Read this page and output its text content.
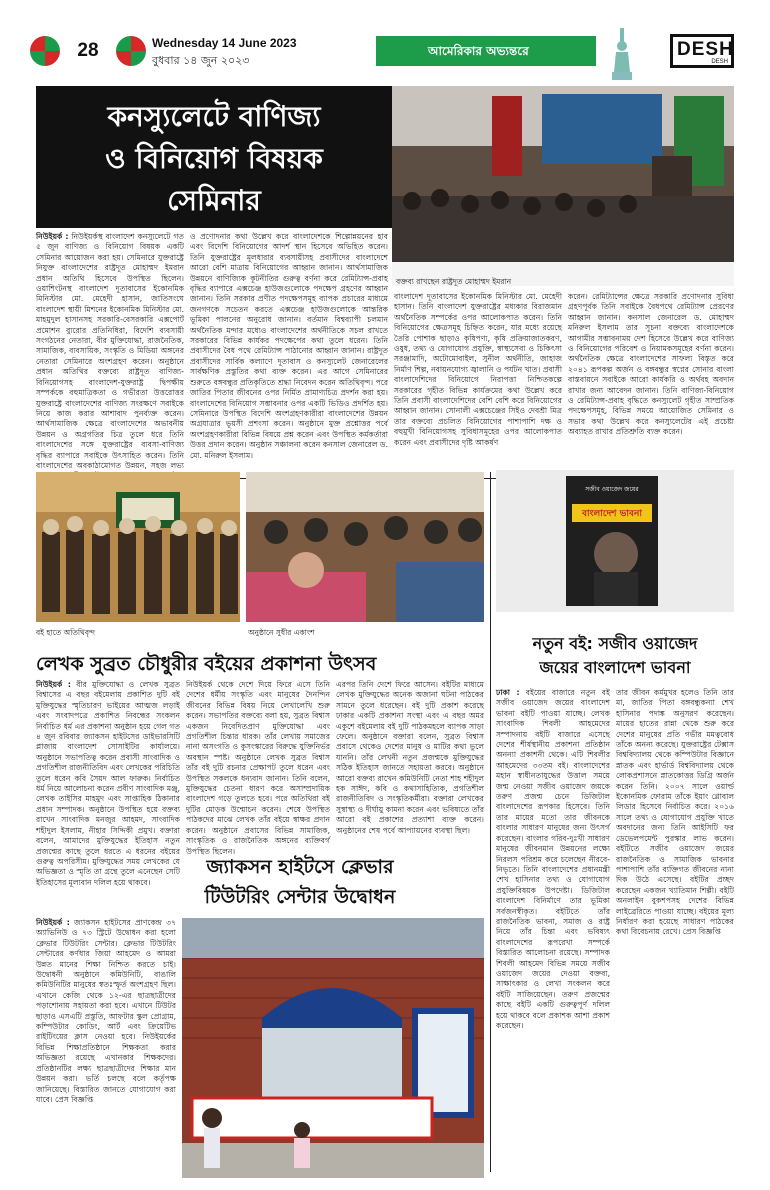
28	Wednesday 14 June 2023
বুধবার ১৪ জুন ২০২৩
আমেরিকার অভ্যন্তরে	DESH
DESH
কনস্যুলেটে বাণিজ্য
ও বিনিয়োগ বিষয়ক
সেমিনার
বক্তব্য রাখছেন রাষ্ট্রদূত মোহাম্মদ ইমরান
নিউইয়র্ক : নিউইয়র্কস্থ বাংলাদেশ কনস্যুলেটে গত ৫ জুন বাণিজ্য ও বিনিয়োগ বিষয়ক একটি সেমিনার আয়োজন করা হয়। সেমিনারে যুক্তরাষ্ট্রে নিযুক্ত বাংলাদেশের রাষ্ট্রদূত মোহাম্মদ ইমরান প্রধান অতিথি হিসেবে উপস্থিত ছিলেন। ওয়াশিংটনস্থ বাংলাদেশ দূতাবাসের ইকোনমিক মিনিস্টার মো. মেহেদী হাসান, জাতিসংঘে বাংলাদেশ স্থায়ী মিশনের ইকোনমিক মিনিস্টার মো. মাহমুদুল হাসানসহ সরকারি-বেসরকারি এক্সপোর্ট প্রমোশন ব্যুরোর প্রতিনিধিরা, বিদেশি ব্যবসায়ী সংগঠনের নেতারা, বীর মুক্তিযোদ্ধা, রাজনৈতিক, সামাজিক, ব্যবসায়িক, সংস্কৃতি ও মিডিয়া অঙ্গনের নেতারা সেমিনারে অংশগ্রহণ করেন। অনুষ্ঠানে প্রধান অতিথির বক্তব্যে রাষ্ট্রদূত বাণিজ্য-বিনিয়োগসহ বাংলাদেশ-যুক্তরাষ্ট্র দ্বিপক্ষীয় সম্পর্ককে বহুমাত্রিকতা ও গভীরতা উত্তরোত্তর যুক্তরাষ্ট্রে বাংলাদেশের বাণিজ্য সংরক্ষণে সবাইকে নিয়ে কাজ করার আশাবাদ পুনর্ব্যক্ত করেন। আর্থসামাজিক ক্ষেত্রে বাংলাদেশের অভাবনীয় উন্নয়ন ও অগ্রগতির চিত্র তুলে ধরে তিনি বাংলাদেশের সঙ্গে যুক্তরাষ্ট্রের ব্যবসা-বাণিজ্য বৃদ্ধির ব্যাপারে সবাইকে উৎসাহিত করেন। তিনি বাংলাদেশের অবকাঠামোগত উন্নয়ন, সহজ লভ্য
ও প্রণোদনার কথা উল্লেখ করে বাংলাদেশকে শিল্পোন্নয়নের হাব এবং বিদেশি বিনিয়োগের আদর্শ স্থান হিসেবে অভিহিত করেন। তিনি যুক্তরাষ্ট্রের মূলধারার ব্যবসায়ীসহ প্রবাসীদের বাংলাদেশে আরো বেশি মাত্রায় বিনিয়োগের আহ্বান জানান। আর্থসামাজিক উন্নয়নে বাণিজ্যিক কূটনীতির গুরুত্ব বর্ণনা করে রেমিট্যান্স-প্রবাহ বৃদ্ধির ব্যাপারে এক্সচেঞ্জ হাউজগুলোকে পদক্ষেপ গ্রহণের আহ্বান জানান। তিনি সরকার প্রণীত পদক্ষেপসমূহ ব্যাপক প্রচারের মাধ্যমে জনগণকে সচেতন করতে এক্সচেঞ্জ হাউজগুলোকে আন্তরিক ভূমিকা পালনের অনুরোধ জানান। বর্তমান বিশ্বব্যাপী চলমান অর্থনৈতিক মন্দার মধ্যেও বাংলাদেশের অর্থনীতিকে সচল রাখতে সরকারের বিভিন্ন কার্যকর পদক্ষেপের কথা তুলে ধরেন। তিনি প্রবাসীদের বৈধ পথে রেমিট্যান্স পাঠানোর আহ্বান জানান। রাষ্ট্রদূত প্রবাসীদের সার্বিক কল্যাণে দূতাবাস ও কনস্যুলেট জেনারেলের সার্বক্ষণিক প্রস্তুতির কথা ব্যক্ত করেন। এর আগে সেমিনারের শুরুতে বঙ্গবন্ধুর প্রতিকৃতিতে শ্রদ্ধা নিবেদন করেন অতিথিবৃন্দ। পরে জাতির পিতার জীবনের ওপর নির্মিত প্রামাণ্যচিত্র প্রদর্শন করা হয়। বাংলাদেশের বিনিয়োগ সম্ভাবনার ওপর একটি ভিডিও প্রদর্শিত হয়। সেমিনারে উপস্থিত বিদেশি অংশগ্রহণকারীরা বাংলাদেশের উন্নয়ন অগ্রযাত্রার ভূয়সী প্রশংসা করেন। অনুষ্ঠানে মুক্ত প্রশ্নোত্তর পর্বে অংশগ্রহণকারীরা বিভিন্ন বিষয়ে প্রশ্ন করেন এবং উপস্থিত কর্মকর্তারা উত্তর প্রদান করেন। অনুষ্ঠান সঞ্চালনা করেন কনসাল জেনারেল ড. মো. মনিরুল ইসলাম।
বাংলাদেশ দূতাবাসের ইকোনমিক মিনিস্টার মো. মেহেদী হাসান। তিনি বাংলাদেশ যুক্তরাষ্ট্রের মধ্যকার বিরাজমান অর্থনৈতিক সম্পর্কের ওপর আলোকপাত করেন। তিনি বিনিয়োগের ক্ষেত্রসমূহ চিহ্নিত করেন, যার মধ্যে রয়েছে তৈরি পোশাক ছাড়াও কৃষিপণ্য, কৃষি প্রক্রিয়াজাতকরণ, ওষুধ, তথ্য ও যোগাযোগ প্রযুক্তি, স্বাস্থ্যসেবা ও চিকিৎসা সরঞ্জামাদি, অটোমোবাইল, সুনীল অর্থনীতি, জাহাজ নির্মাণ শিল্প, নবায়নযোগ্য জ্বালানি ও পর্যটন খাত। প্রবাসী বাংলাদেশিদের বিনিয়োগে নিরাপত্তা নিশ্চিতকল্পে সরকারের গৃহীত বিভিন্ন কার্যক্রমের কথা উল্লেখ করে তিনি প্রবাসী বাংলাদেশিদের বেশি বেশি করে বিনিয়োগের আহ্বান জানান। সোনালী এক্সচেঞ্জের সিইও দেবশ্রী মিত্র তার বক্তব্যে প্রচলিত বিনিয়োগের পাশাপাশি দক্ষ ও বহুমুখী বিনিয়োগসহ সুবিধাসমূহের ওপর আলোকপাত করেন এবং প্রবাসীদের দৃষ্টি আকর্ষণ
করেন। রেমিট্যান্সের ক্ষেত্রে সরকারি প্রণোদনার সুবিধা গ্রহণপূর্বক তিনি সবাইকে বৈধপথে রেমিট্যান্স প্রেরণের আহ্বান জানান। কনসাল জেনারেল ড. মোহাম্মদ মনিরুল ইসলাম তার সূচনা বক্তব্যে বাংলাদেশকে আগামীর সম্ভাবনাময় দেশ হিসেবে উল্লেখ করে বাণিজ্য ও বিনিয়োগের পরিবেশ ও নিয়ামকসমূহের বর্ণনা করেন। অর্থনৈতিক ক্ষেত্রে বাংলাদেশের সাফল্য বিস্তৃত করে ২০৪১ রূপকল্প অর্জন ও বঙ্গবন্ধুর স্বপ্নের সোনার বাংলা বাস্তবায়নে সবাইকে আরো কার্যকরি ও অর্থবহ অবদান রাখার জন্য আবেদন জানান। তিনি বাণিজ্য-বিনিয়োগ ও রেমিট্যান্স-প্রবাহ বৃদ্ধিতে কনস্যুলেট গৃহীত সাম্প্রতিক পদক্ষেপসমূহ, বিভিন্ন সময়ে আয়োজিত সেমিনার ও সভার কথা উল্লেখ করে কনস্যুলেটের এই প্রচেষ্টা অব্যাহত রাখার প্রতিশ্রুতি ব্যক্ত করেন।
বই হাতে অতিথিবৃন্দ	অনুষ্ঠানে সুধীর একাংশ
বাংলাদেশ ভাবনা
সজীব ওয়াজেদ জয়ের
নতুন বই: সজীব ওয়াজেদ
জয়ের বাংলাদেশ ভাবনা
ঢাকা : বইয়ের বাজারে নতুন বই সজীব ওয়াজেদ জয়ের বাংলাদেশ ভাবনা বইটি পাওয়া যাচ্ছে। লেখক সাংবাদিক শিবলী আহমেদের সম্পাদনায় বইটি বাজারে এসেছে দেশের শীর্ষস্থানীয় প্রকাশনা প্রতিষ্ঠান অনন্যা প্রকাশনী থেকে। এটি শিবলীর আহমেদের ৩৩তম বই। বাংলাদেশের মহান স্বাধীনতাযুদ্ধের উত্তাল সময়ে জন্ম নেওয়া সজীব ওয়াজেদ জয়কে তরুণ প্রজন্ম চেনে ডিজিটাল বাংলাদেশের রূপকার হিসেবে। তিনি তার মায়ের মতো তার জীবনকে বাংলার সাধারণ মানুষের জন্য উৎসর্গ করেছেন। বাংলার গরিব-দুঃখী সাধারণ মানুষের জীবনমান উন্নয়নের লক্ষ্যে নিরলস পরিশ্রম করে চলেছেন নীরবে-নিভৃতে। তিনি বাংলাদেশের প্রধানমন্ত্রী শেখ হাসিনার তথ্য ও যোগাযোগ প্রযুক্তিবিষয়ক উপদেষ্টা। ডিজিটাল বাংলাদেশ বিনির্মাণে তার ভূমিকা সর্বজনস্বীকৃত। বইটিতে তাঁর রাজনৈতিক ভাবনা, সমাজ ও রাষ্ট্র নিয়ে তাঁর চিন্তা এবং ভবিষ্যৎ বাংলাদেশের রূপরেখা সম্পর্কে বিস্তারিত আলোচনা রয়েছে। সম্পাদক শিবলী আহমেদ বিভিন্ন সময়ে সজীব ওয়াজেদ জয়ের দেওয়া বক্তব্য, সাক্ষাৎকার ও লেখা সংকলন করে বইটি সাজিয়েছেন। তরুণ প্রজন্মের কাছে বইটি একটি গুরুত্বপূর্ণ দলিল হয়ে থাকবে বলে প্রকাশক আশা প্রকাশ করেছেন।
তার জীবন কর্মমুখর হলেও তিনি তার মা, জাতির পিতা বঙ্গবন্ধুকন্যা শেখ হাসিনার পদাঙ্ক অনুসরণ করেছেন। মায়ের হাতের রান্না থেকে শুরু করে দেশের মানুষের প্রতি গভীর মমত্ববোধ তাঁকে অনন্য করেছে। যুক্তরাষ্ট্রের টেক্সাস বিশ্ববিদ্যালয় থেকে কম্পিউটার বিজ্ঞানে স্নাতক এবং হার্ভার্ড বিশ্ববিদ্যালয় থেকে লোকপ্রশাসনে স্নাতকোত্তর ডিগ্রি অর্জন করেন তিনি। ২০০৭ সালে ওয়ার্ল্ড ইকোনমিক ফোরাম তাঁকে ইয়াং গ্লোবাল লিডার হিসেবে নির্বাচিত করে। ২০১৬ সালে তথ্য ও যোগাযোগ প্রযুক্তি খাতে অবদানের জন্য তিনি আইসিটি ফর ডেভেলপমেন্ট পুরস্কার লাভ করেন। বইটিতে সজীব ওয়াজেদ জয়ের রাজনৈতিক ও সামাজিক ভাবনার পাশাপাশি তাঁর ব্যক্তিগত জীবনের নানা দিক উঠে এসেছে। বইটির প্রচ্ছদ করেছেন একজন খ্যাতিমান শিল্পী। বইটি অনলাইন বুকশপসহ দেশের বিভিন্ন লাইব্রেরিতে পাওয়া যাচ্ছে। বইয়ের মূল্য নির্ধারণ করা হয়েছে সাধারণ পাঠকের কথা বিবেচনায় রেখে। প্রেস বিজ্ঞপ্তি
লেখক সুব্রত চৌধুরীর বইয়ের প্রকাশনা উৎসব
নিউইয়র্ক : বীর মুক্তিযোদ্ধা ও লেখক সুব্রত বিশ্বাসের এ বছর বইমেলায় প্রকাশিত দুটি বই মুক্তিযুদ্ধের স্মৃতিচারণ ভাইয়ের আত্মজ লড়াই এবং সংবাদপত্রে প্রকাশিত নিবন্ধের সংকলন নির্বাচিত ধর্ম এর প্রকাশনা অনুষ্ঠান হয়ে গেল গত ৪ জুন রবিবার জ্যাকসন হাইটসের ডাইভারসিটি প্লাজায় বাংলাদেশ সোসাইটির কার্যালয়ে। অনুষ্ঠানে সভাপতিত্ব করেন প্রবাসী সাংবাদিক ও প্রগতিশীল রাজনীতিবিদ এবং লেখকের পরিচিতি তুলে ধরেন কবি সৈয়দ আল ফারুক। নির্বাচিত ধর্ম নিয়ে আলোচনা করেন প্রবীণ সাংবাদিক মঞ্জু, লেখক তাইসির মাহমুদ এবং সাপ্তাহিক ঠিকানার প্রধান সম্পাদক। অনুষ্ঠানে উপস্থিত হয়ে বক্তব্য রাখেন সাংবাদিক মনজুর আহমদ, সাংবাদিক শহীদুল ইসলাম, নীহার সিদ্দিকী প্রমুখ। বক্তারা বলেন, আমাদের মুক্তিযুদ্ধের ইতিহাস নতুন প্রজন্মের কাছে তুলে ধরতে এ ধরনের বইয়ের গুরুত্ব অপরিসীম। মুক্তিযুদ্ধের সময় লেখকের যে অভিজ্ঞতা ও স্মৃতি তা গ্রন্থে তুলে এনেছেন সেটি ইতিহাসের মূল্যবান দলিল হয়ে থাকবে।
নিউইয়র্ক থেকে দেশে দিয়ে ফিরে এসে তিনি দেশের ধর্মীয় সংস্কৃতি এবং মানুষের দৈনন্দিন জীবনের বিভিন্ন বিষয় নিয়ে লেখালেখি শুরু করেন। সভাপতির বক্তব্যে বলা হয়, সুব্রত বিশ্বাস একজন নিবেদিতপ্রাণ মুক্তিযোদ্ধা এবং প্রগতিশীল চিন্তার ধারক। তাঁর লেখায় সমাজের নানা অসংগতি ও কুসংস্কারের বিরুদ্ধে যুক্তিনির্ভর অবস্থান স্পষ্ট। অনুষ্ঠানে লেখক সুব্রত বিশ্বাস তাঁর বই দুটি রচনার প্রেক্ষাপট তুলে ধরেন এবং উপস্থিত সকলকে ধন্যবাদ জানান। তিনি বলেন, মুক্তিযুদ্ধের চেতনা ধারণ করে অসাম্প্রদায়িক বাংলাদেশ গড়ে তুলতে হবে। পরে অতিথিরা বই দুটির মোড়ক উন্মোচন করেন। শেষে উপস্থিত পাঠকদের মাঝে লেখক তাঁর বইয়ে স্বাক্ষর প্রদান করেন। অনুষ্ঠানে প্রবাসের বিভিন্ন সামাজিক, সাংস্কৃতিক ও রাজনৈতিক অঙ্গনের ব্যক্তিবর্গ উপস্থিত ছিলেন।
এরপর তিনি দেশে ফিরে আসেন। বইটির মাধ্যমে লেখক মুক্তিযুদ্ধের অনেক অজানা ঘটনা পাঠকের সামনে তুলে ধরেছেন। বই দুটি প্রকাশ করেছে ঢাকার একটি প্রকাশনা সংস্থা এবং এ বছর অমর একুশে বইমেলায় বই দুটি পাঠকমহলে ব্যাপক সাড়া ফেলে। অনুষ্ঠানে বক্তারা বলেন, সুব্রত বিশ্বাস প্রবাসে থেকেও দেশের মানুষ ও মাটির কথা ভুলে যাননি। তাঁর লেখনী নতুন প্রজন্মকে মুক্তিযুদ্ধের সঠিক ইতিহাস জানতে সহায়তা করবে। অনুষ্ঠানে আরো বক্তব্য রাখেন কমিউনিটি নেতা শাহ শহীদুল হক সাঈদ, কবি ও কথাসাহিত্যিক, প্রগতিশীল রাজনীতিবিদ ও সংস্কৃতিকর্মীরা। বক্তারা লেখকের সুস্বাস্থ্য ও দীর্ঘায়ু কামনা করেন এবং ভবিষ্যতে তাঁর আরো বই প্রকাশের প্রত্যাশা ব্যক্ত করেন। অনুষ্ঠানের শেষ পর্বে আপ্যায়নের ব্যবস্থা ছিল।
জ্যাকসন হাইটসে ক্লেভার
টিউটরিং সেন্টার উদ্বোধন
নিউইয়র্ক : জ্যাকসন হাইটসের প্রাণকেন্দ্র ৩৭ অ্যাভিনিউ ও ৭৩ স্ট্রিটে উদ্বোধন করা হলো ক্লেভার টিউটরিং সেন্টার। ক্লেভার টিউটরিং সেন্টারের কর্ণধার জিয়া আহমেদ ও আমরা উন্নত মানের শিক্ষা নিশ্চিত করতে চাই। উদ্বোধনী অনুষ্ঠানে কমিউনিটি, বাঙালি কমিউনিটির মানুষের স্বতঃস্ফূর্ত অংশগ্রহণ ছিল। এখানে কেজি থেকে ১২-এর ছাত্রছাত্রীদের পড়াশোনায় সহায়তা করা হবে। এখানে টিউটর ছাড়াও এসএটি প্রস্তুতি, আফটার স্কুল প্রোগ্রাম, কম্পিউটার কোডিং, আর্ট এবং ক্রিয়েটিভ রাইটিংয়ের ক্লাস নেওয়া হবে। নিউইয়র্কের বিভিন্ন শিক্ষাপ্রতিষ্ঠানে শিক্ষকতা করার অভিজ্ঞতা রয়েছে এখানকার শিক্ষকদের। প্রতিষ্ঠানটির লক্ষ্য ছাত্রছাত্রীদের শিক্ষার মান উন্নয়ন করা। ভর্তি চলছে বলে কর্তৃপক্ষ জানিয়েছে। বিস্তারিত জানতে যোগাযোগ করা যাবে। প্রেস বিজ্ঞপ্তি
